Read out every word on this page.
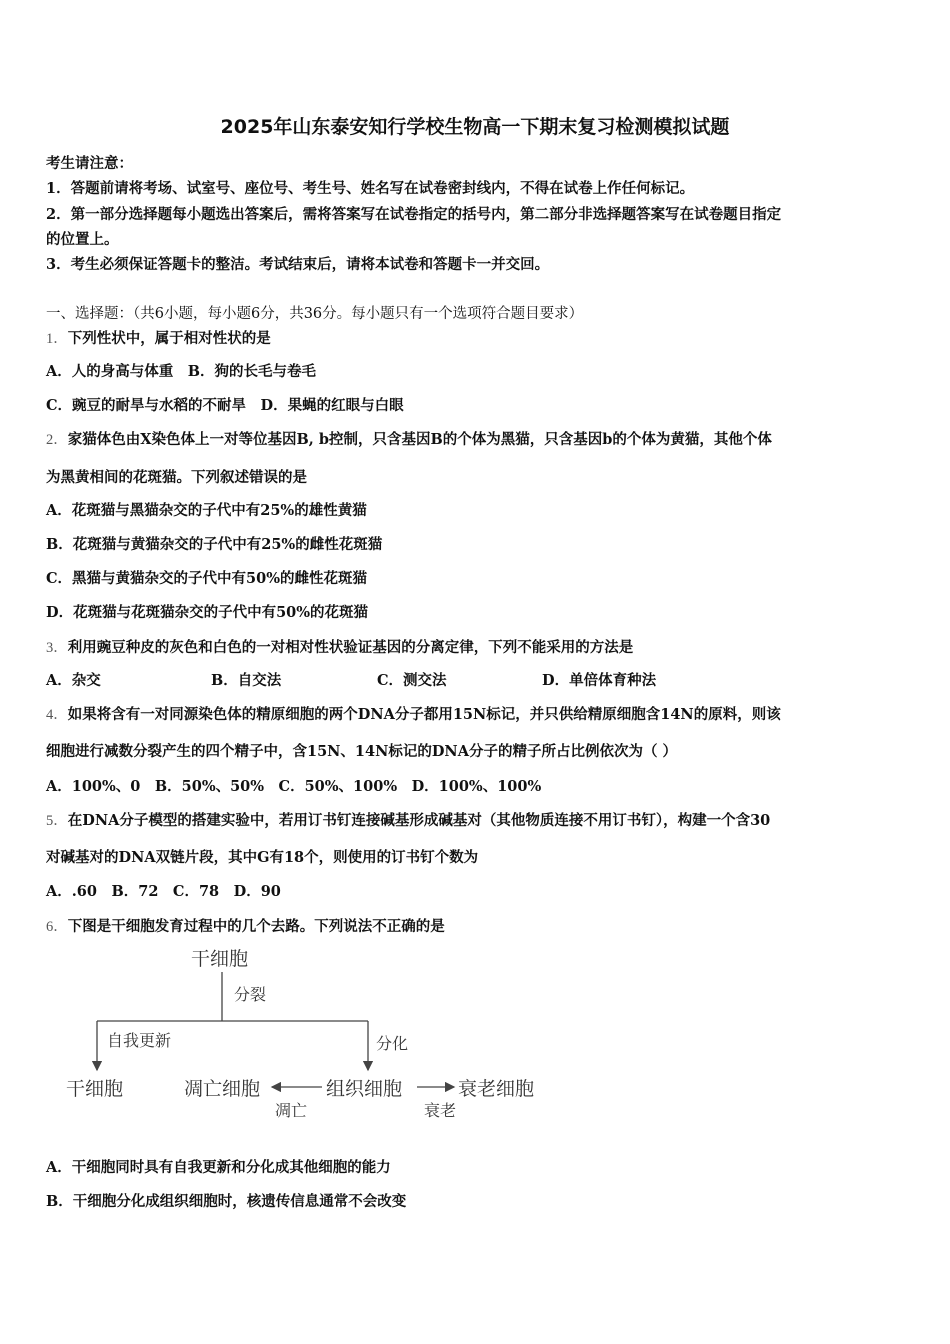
2025年山东泰安知行学校生物高一下期末复习检测模拟试题
考生请注意：
1．答题前请将考场、试室号、座位号、考生号、姓名写在试卷密封线内，不得在试卷上作任何标记。
2．第一部分选择题每小题选出答案后，需将答案写在试卷指定的括号内，第二部分非选择题答案写在试卷题目指定
的位置上。
3．考生必须保证答题卡的整洁。考试结束后，请将本试卷和答题卡一并交回。
一、选择题：（共6小题，每小题6分，共36分。每小题只有一个选项符合题目要求）
1．下列性状中，属于相对性状的是
A．人的身高与体重　B．狗的长毛与卷毛
C．豌豆的耐旱与水稻的不耐旱　D．果蝇的红眼与白眼
2．家猫体色由X染色体上一对等位基因B, b控制，只含基因B的个体为黑猫，只含基因b的个体为黄猫，其他个体
为黑黄相间的花斑猫。下列叙述错误的是
A．花斑猫与黑猫杂交的子代中有25%的雄性黄猫
B．花斑猫与黄猫杂交的子代中有25%的雌性花斑猫
C．黑猫与黄猫杂交的子代中有50%的雌性花斑猫
D．花斑猫与花斑猫杂交的子代中有50%的花斑猫
3．利用豌豆种皮的灰色和白色的一对相对性状验证基因的分离定律，下列不能采用的方法是
A．杂交	B．自交法	C．测交法	D．单倍体育种法
4．如果将含有一对同源染色体的精原细胞的两个DNA分子都用15N标记，并只供给精原细胞含14N的原料，则该
细胞进行减数分裂产生的四个精子中，含15N、14N标记的DNA分子的精子所占比例依次为（ ）
A．100%、0　B．50%、50%　C．50%、100%　D．100%、100%
5．在DNA分子模型的搭建实验中，若用订书钉连接碱基形成碱基对（其他物质连接不用订书钉），构建一个含30
对碱基对的DNA双链片段，其中G有18个，则使用的订书钉个数为
A．.60　B．72　C．78　D．90
6．下图是干细胞发育过程中的几个去路。下列说法不正确的是
干细胞
分裂
自我更新	分化
干细胞	凋亡细胞	组织细胞	衰老细胞
凋亡	衰老
A．干细胞同时具有自我更新和分化成其他细胞的能力
B．干细胞分化成组织细胞时，核遗传信息通常不会改变
